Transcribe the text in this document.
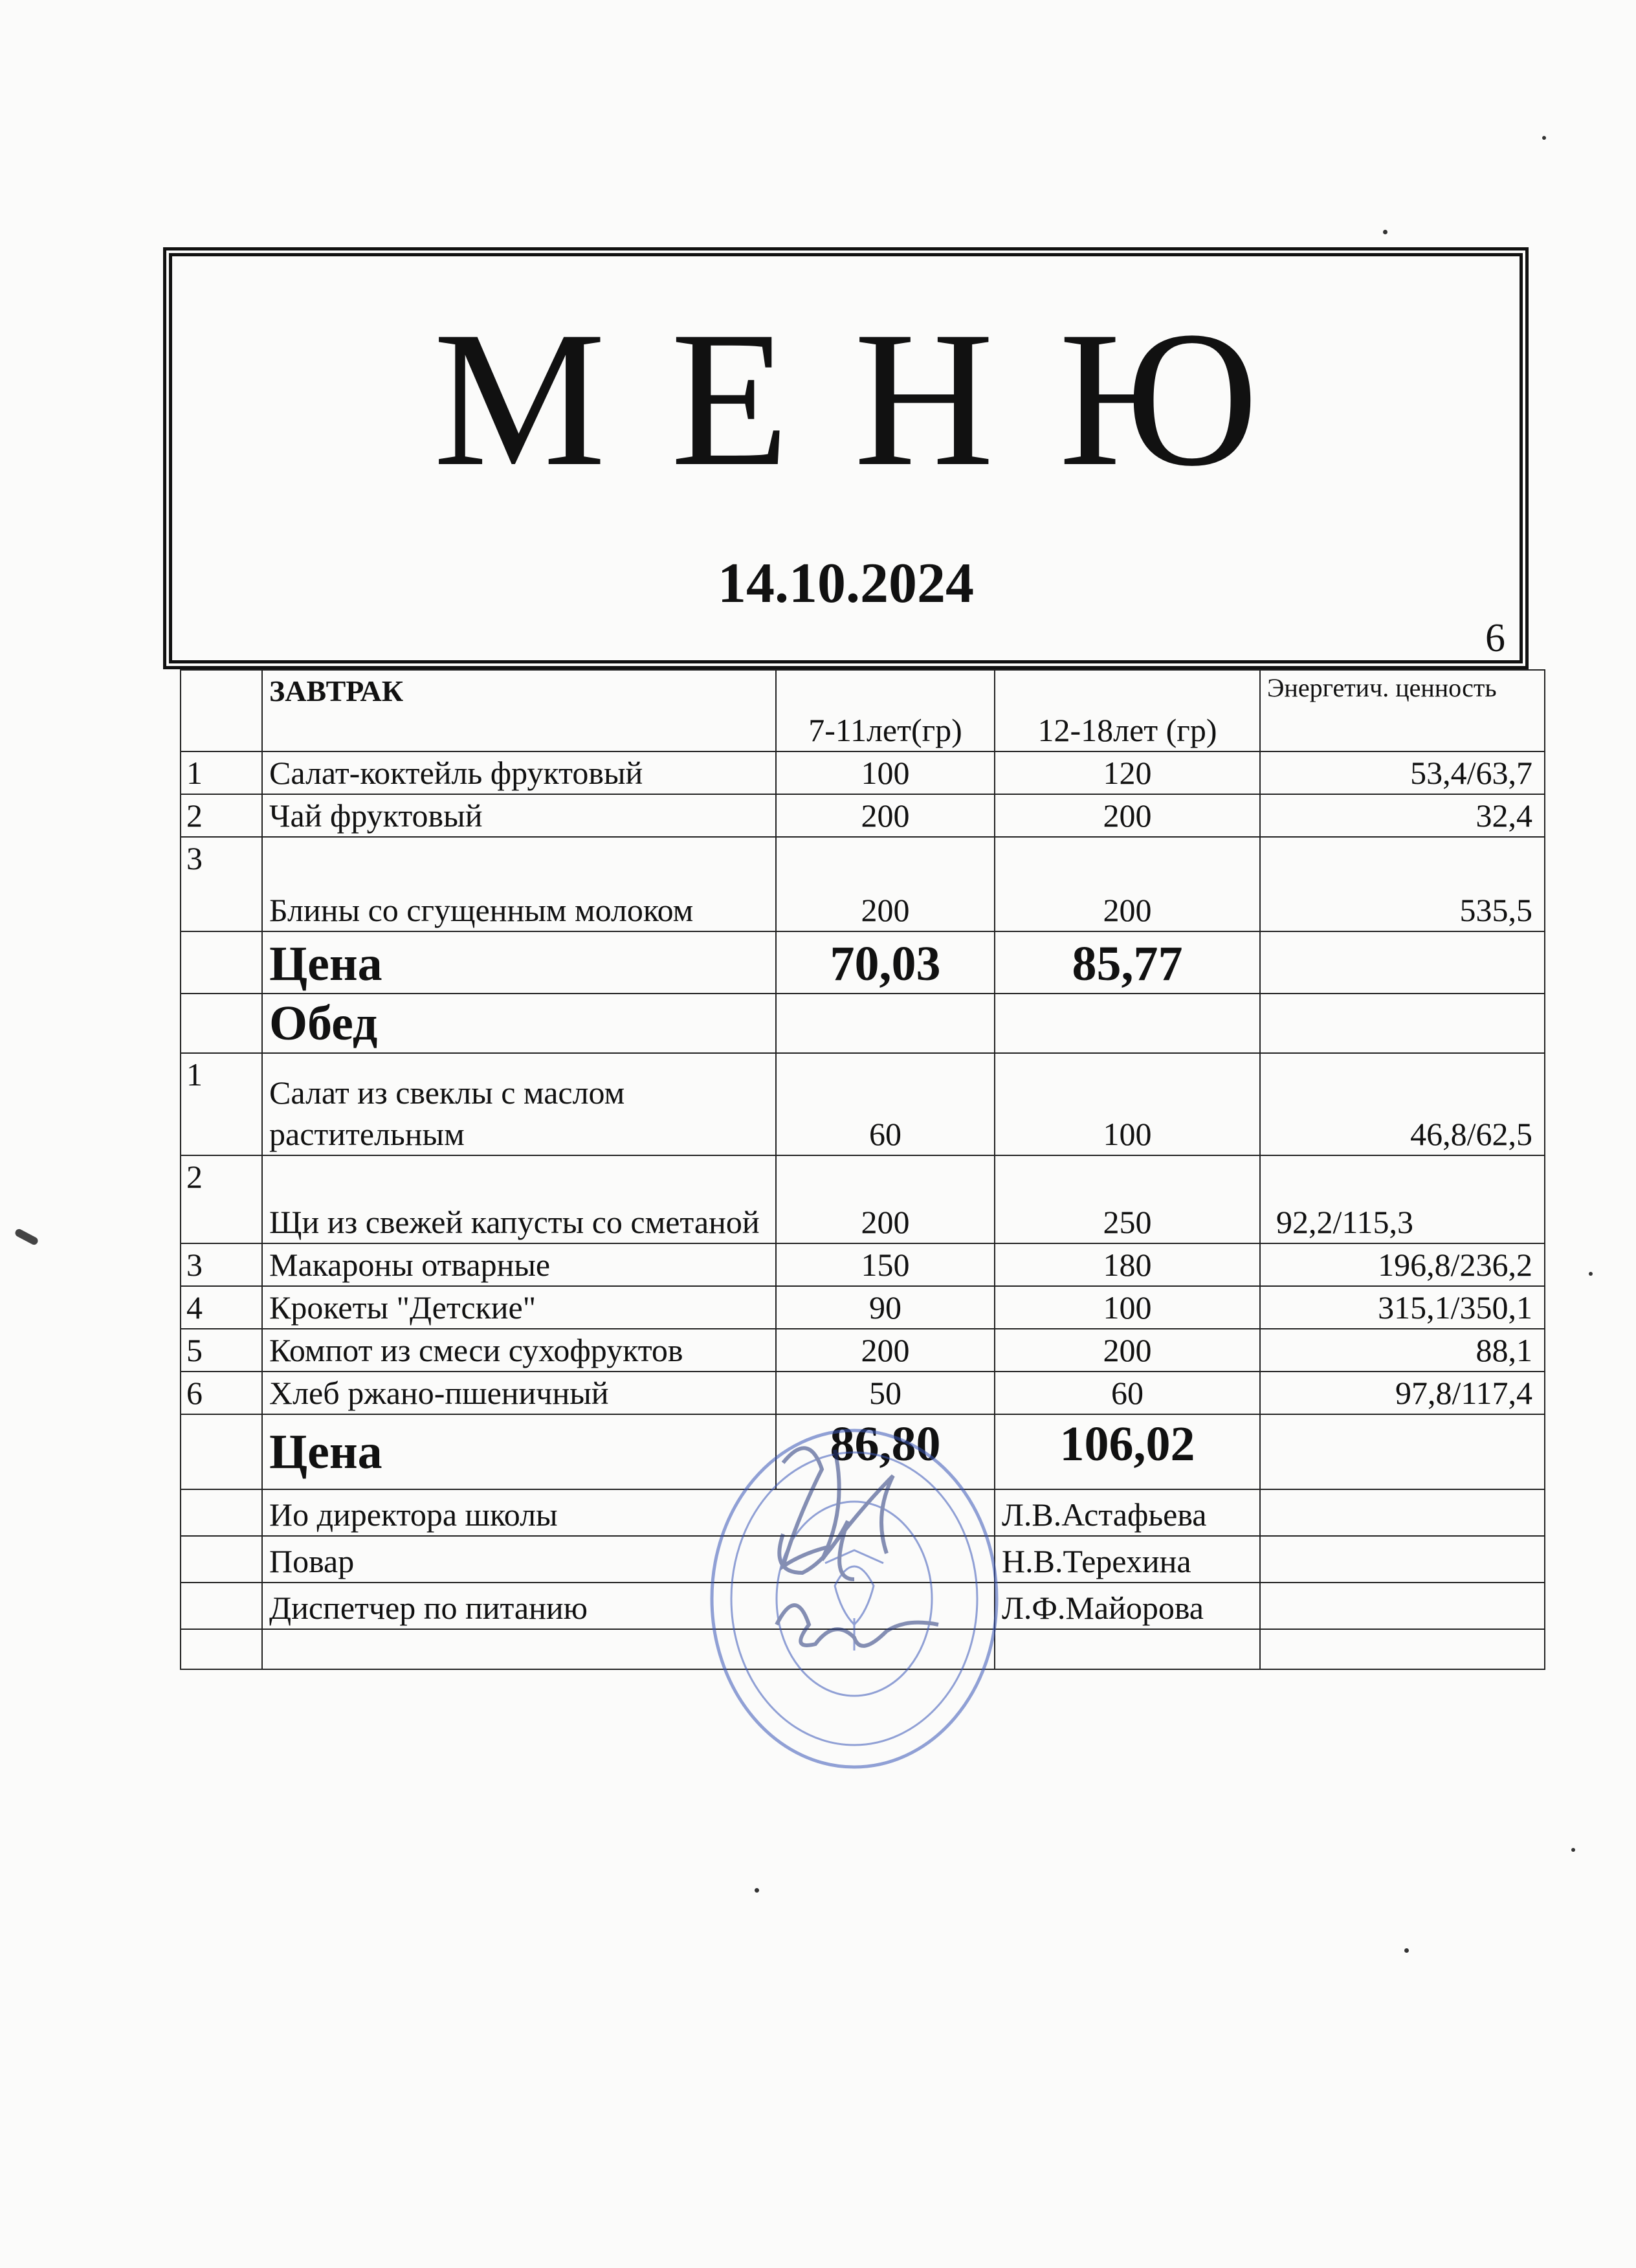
М Е Н Ю
14.10.2024
6
	ЗАВТРАК	7-11лет(гр)	12-18лет (гр)	Энергетич. ценность
1	Салат-коктейль фруктовый	100	120	53,4/63,7
2	Чай фруктовый	200	200	32,4
3	Блины со сгущенным молоком	200	200	535,5
	Цена	70,03	85,77	
	Обед			
1	Салат из свеклы с маслом растительным	60	100	46,8/62,5
2	Щи из свежей капусты со сметаной	200	250	92,2/115,3
3	Макароны отварные	150	180	196,8/236,2
4	Крокеты "Детские"	90	100	315,1/350,1
5	Компот из смеси сухофруктов	200	200	88,1
6	Хлеб ржано-пшеничный	50	60	97,8/117,4
	Цена	86,80	106,02	
	Ио директора школы		Л.В.Астафьева	
	Повар		Н.В.Терехина	
	Диспетчер по питанию		Л.Ф.Майорова	
